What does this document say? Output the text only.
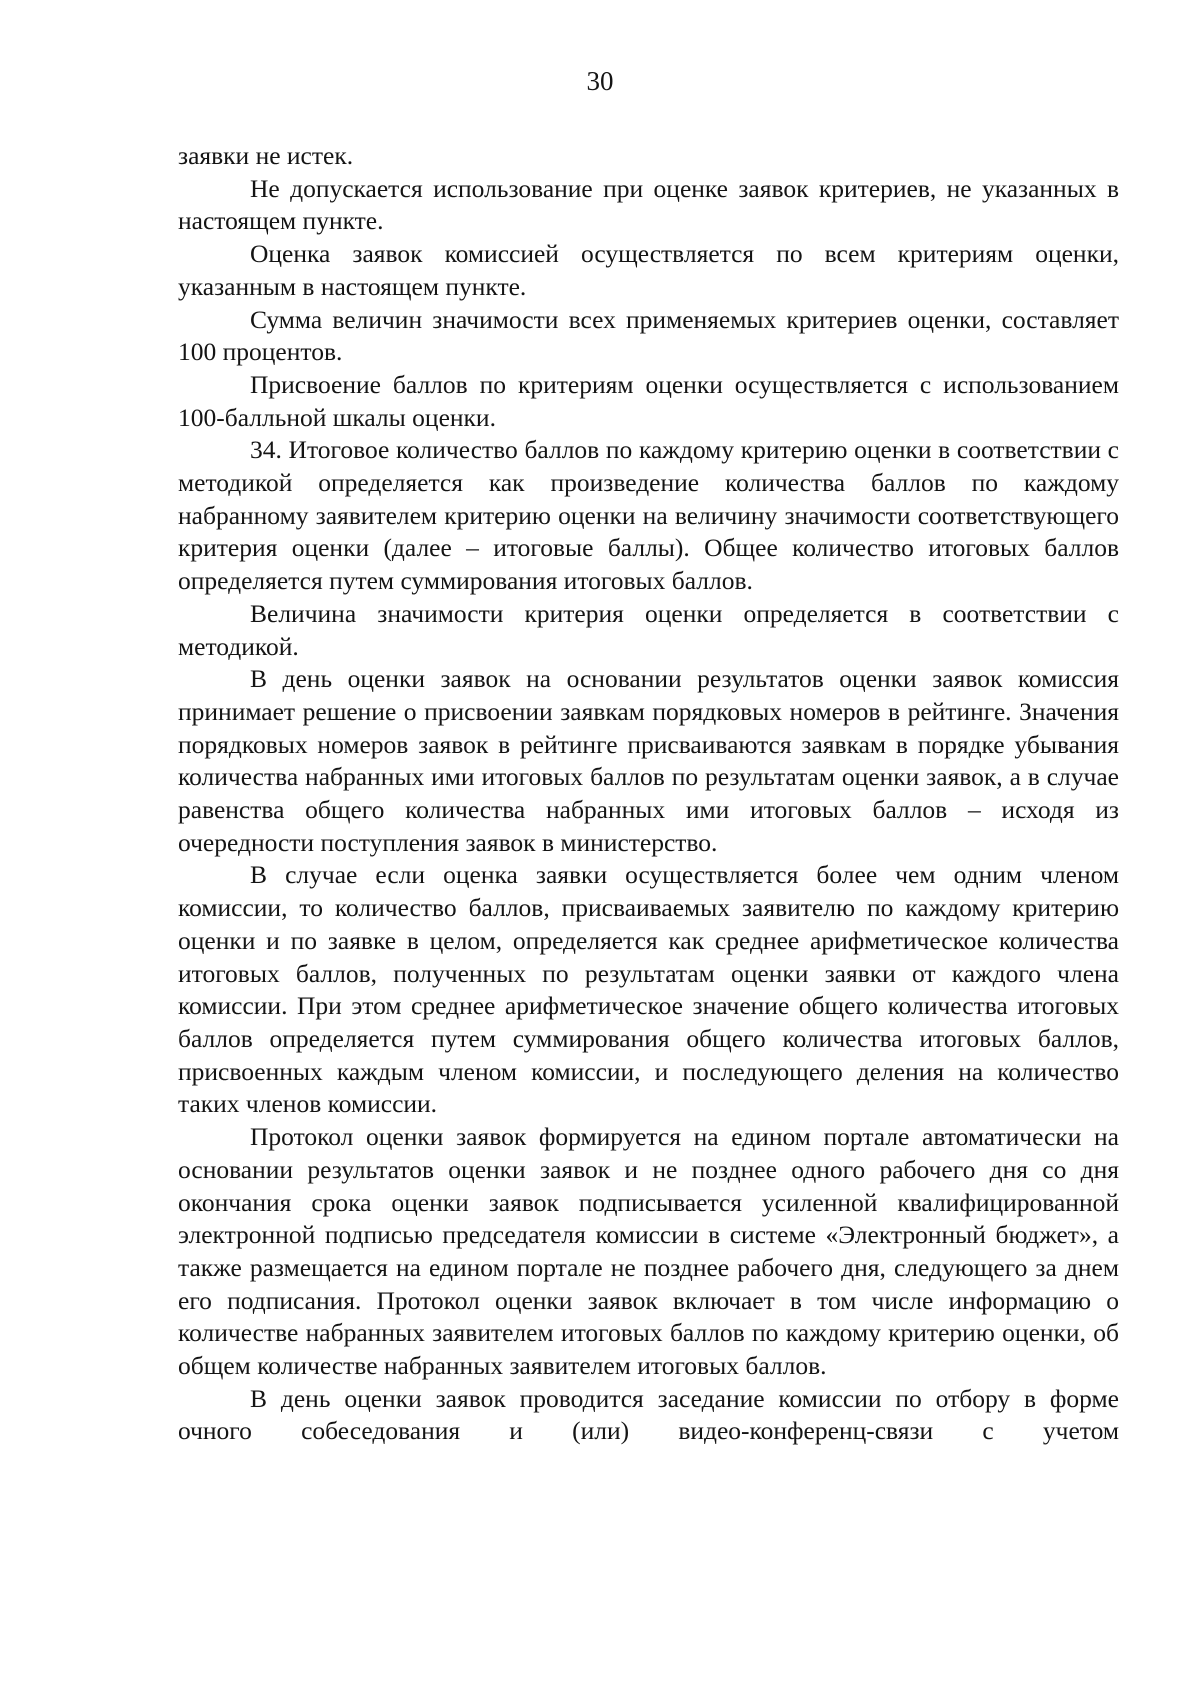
30

заявки не истек.

Не допускается использование при оценке заявок критериев, не указанных в настоящем пункте.

Оценка заявок комиссией осуществляется по всем критериям оценки, указанным в настоящем пункте.

Сумма величин значимости всех применяемых критериев оценки, составляет 100 процентов.

Присвоение баллов по критериям оценки осуществляется с использованием 100-балльной шкалы оценки.

34. Итоговое количество баллов по каждому критерию оценки в соответствии с методикой определяется как произведение количества баллов по каждому набранному заявителем критерию оценки на величину значимости соответствующего критерия оценки (далее – итоговые баллы). Общее количество итоговых баллов определяется путем суммирования итоговых баллов.

Величина значимости критерия оценки определяется в соответствии с методикой.

В день оценки заявок на основании результатов оценки заявок комиссия принимает решение о присвоении заявкам порядковых номеров в рейтинге. Значения порядковых номеров заявок в рейтинге присваиваются заявкам в порядке убывания количества набранных ими итоговых баллов по результатам оценки заявок, а в случае равенства общего количества набранных ими итоговых баллов – исходя из очередности поступления заявок в министерство.

В случае если оценка заявки осуществляется более чем одним членом комиссии, то количество баллов, присваиваемых заявителю по каждому критерию оценки и по заявке в целом, определяется как среднее арифметическое количества итоговых баллов, полученных по результатам оценки заявки от каждого члена комиссии. При этом среднее арифметическое значение общего количества итоговых баллов определяется путем суммирования общего количества итоговых баллов, присвоенных каждым членом комиссии, и последующего деления на количество таких членов комиссии.

Протокол оценки заявок формируется на едином портале автоматически на основании результатов оценки заявок и не позднее одного рабочего дня со дня окончания срока оценки заявок подписывается усиленной квалифицированной электронной подписью председателя комиссии в системе «Электронный бюджет», а также размещается на едином портале не позднее рабочего дня, следующего за днем его подписания. Протокол оценки заявок включает в том числе информацию о количестве набранных заявителем итоговых баллов по каждому критерию оценки, об общем количестве набранных заявителем итоговых баллов.

В день оценки заявок проводится заседание комиссии по отбору в форме очного собеседования и (или) видео-конференц-связи с учетом
